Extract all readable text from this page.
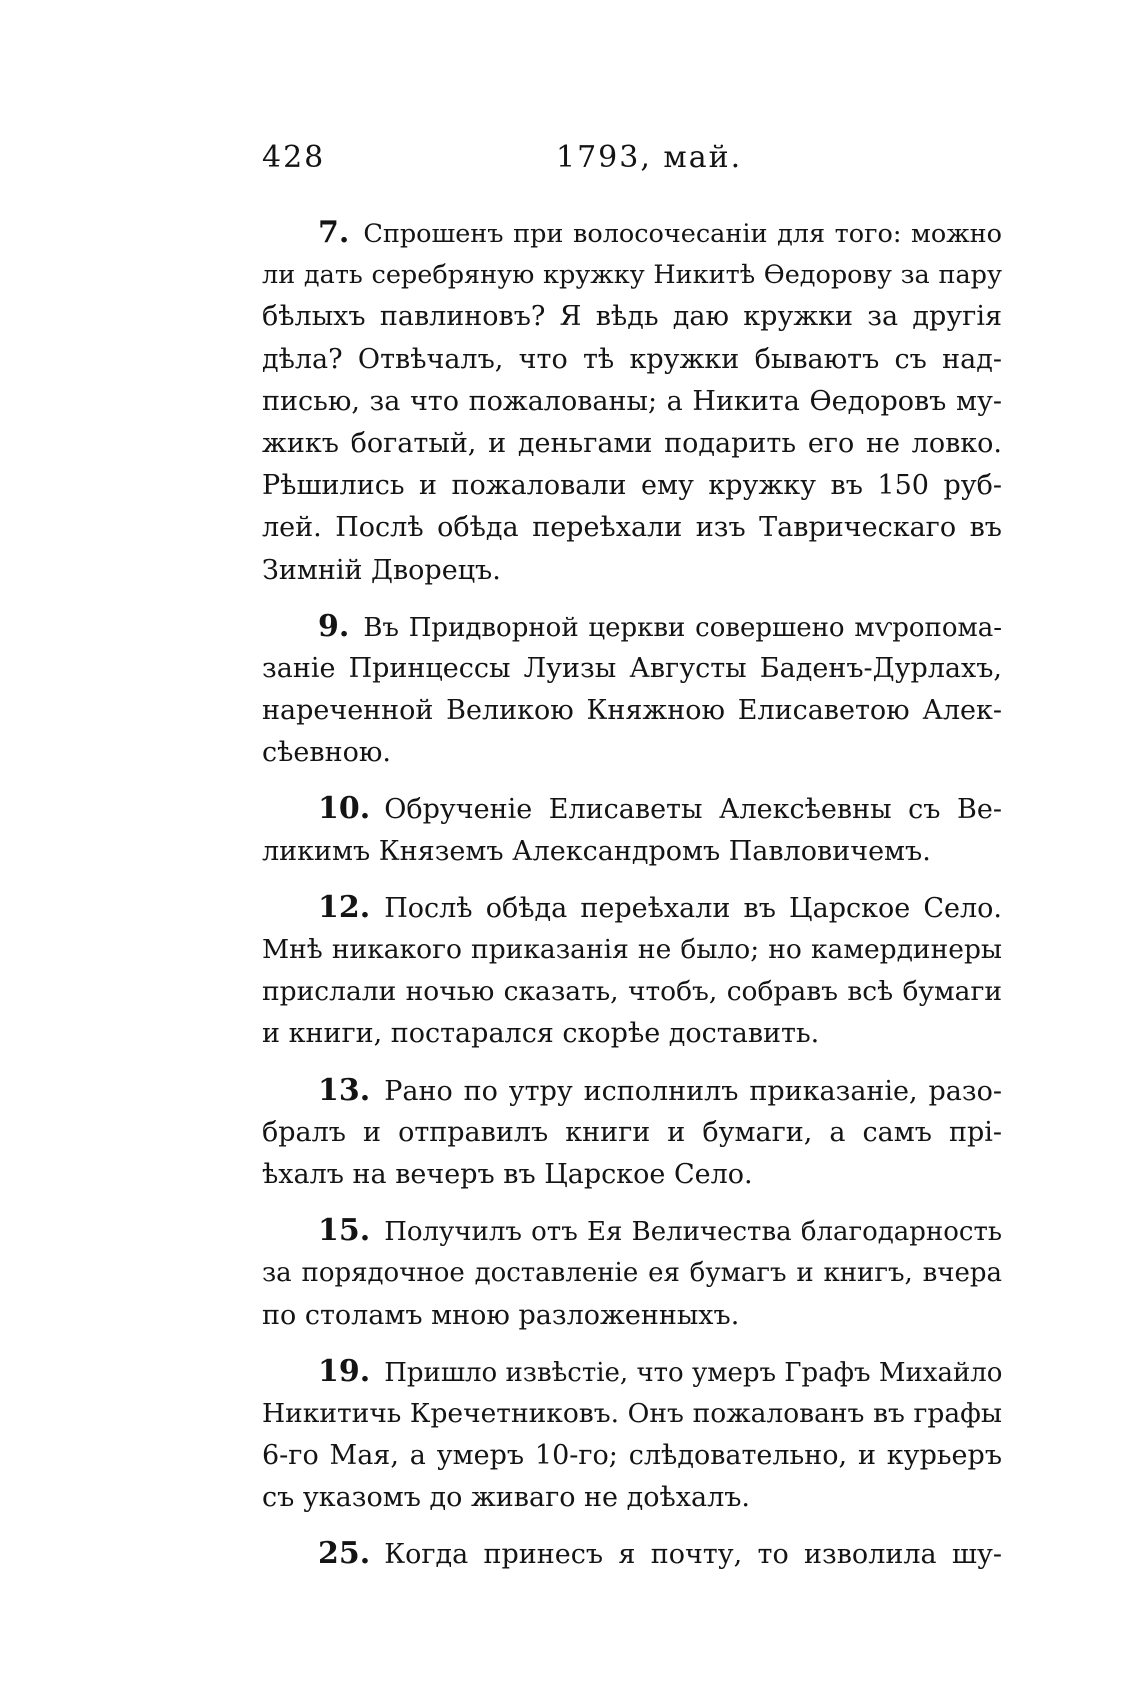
428	1793, май.
7. Спрошенъ при волосочесанiи для того: можно
ли дать серебряную кружку Никитѣ Ѳедорову за пару
бѣлыхъ павлиновъ? Я вѣдь даю кружки за другiя
дѣла? Отвѣчалъ, что тѣ кружки бываютъ съ над-
писью, за что пожалованы; а Никита Ѳедоровъ му-
жикъ богатый, и деньгами подарить его не ловко.
Рѣшились и пожаловали ему кружку въ 150 руб-
лей. Послѣ обѣда переѣхали изъ Таврическаго въ
Зимнiй Дворецъ.
9. Въ Придворной церкви совершено мѵропома-
занiе Принцессы Луизы Августы Баденъ-Дурлахъ,
нареченной Великою Княжною Елисаветою Алек-
сѣевною.
10. Обрученiе Елисаветы Алексѣевны съ Ве-
ликимъ Княземъ Александромъ Павловичемъ.
12. Послѣ обѣда переѣхали въ Царское Село.
Мнѣ никакого приказанiя не было; но камердинеры
прислали ночью сказать, чтобъ, собравъ всѣ бумаги
и книги, постарался скорѣе доставить.
13. Рано по утру исполнилъ приказанiе, разо-
бралъ и отправилъ книги и бумаги, а самъ прi-
ѣхалъ на вечеръ въ Царское Село.
15. Получилъ отъ Ея Величества благодарность
за порядочное доставленiе ея бумагъ и книгъ, вчера
по столамъ мною разложенныхъ.
19. Пришло извѣстiе, что умеръ Графъ Михайло
Никитичь Кречетниковъ. Онъ пожалованъ въ графы
6-го Мая, а умеръ 10-го; слѣдовательно, и курьеръ
съ указомъ до живаго не доѣхалъ.
25. Когда принесъ я почту, то изволила шу-
